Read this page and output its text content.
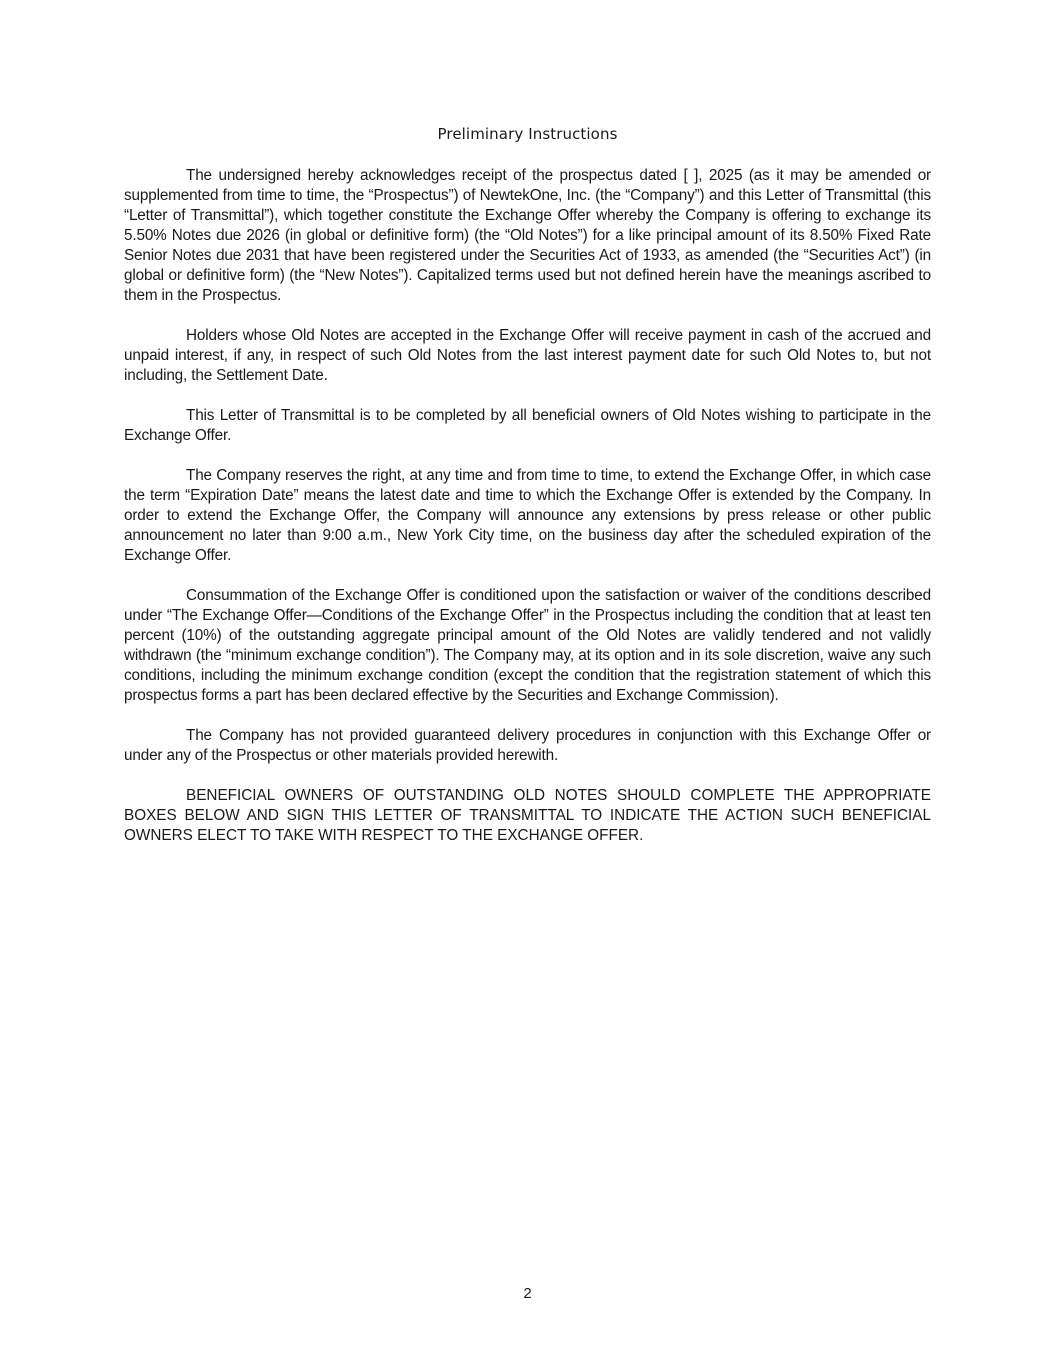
Preliminary Instructions

The undersigned hereby acknowledges receipt of the prospectus dated [ ], 2025 (as it may be amended or supplemented from time to time, the “Prospectus”) of NewtekOne, Inc. (the “Company”) and this Letter of Transmittal (this “Letter of Transmittal”), which together constitute the Exchange Offer whereby the Company is offering to exchange its 5.50% Notes due 2026 (in global or definitive form) (the “Old Notes”) for a like principal amount of its 8.50% Fixed Rate Senior Notes due 2031 that have been registered under the Securities Act of 1933, as amended (the “Securities Act”) (in global or definitive form) (the “New Notes”). Capitalized terms used but not defined herein have the meanings ascribed to them in the Prospectus.

Holders whose Old Notes are accepted in the Exchange Offer will receive payment in cash of the accrued and unpaid interest, if any, in respect of such Old Notes from the last interest payment date for such Old Notes to, but not including, the Settlement Date.

This Letter of Transmittal is to be completed by all beneficial owners of Old Notes wishing to participate in the Exchange Offer.

The Company reserves the right, at any time and from time to time, to extend the Exchange Offer, in which case the term “Expiration Date” means the latest date and time to which the Exchange Offer is extended by the Company. In order to extend the Exchange Offer, the Company will announce any extensions by press release or other public announcement no later than 9:00 a.m., New York City time, on the business day after the scheduled expiration of the Exchange Offer.

Consummation of the Exchange Offer is conditioned upon the satisfaction or waiver of the conditions described under “The Exchange Offer—Conditions of the Exchange Offer” in the Prospectus including the condition that at least ten percent (10%) of the outstanding aggregate principal amount of the Old Notes are validly tendered and not validly withdrawn (the “minimum exchange condition”). The Company may, at its option and in its sole discretion, waive any such conditions, including the minimum exchange condition (except the condition that the registration statement of which this prospectus forms a part has been declared effective by the Securities and Exchange Commission).

The Company has not provided guaranteed delivery procedures in conjunction with this Exchange Offer or under any of the Prospectus or other materials provided herewith.

BENEFICIAL OWNERS OF OUTSTANDING OLD NOTES SHOULD COMPLETE THE APPROPRIATE BOXES BELOW AND SIGN THIS LETTER OF TRANSMITTAL TO INDICATE THE ACTION SUCH BENEFICIAL OWNERS ELECT TO TAKE WITH RESPECT TO THE EXCHANGE OFFER.

2
